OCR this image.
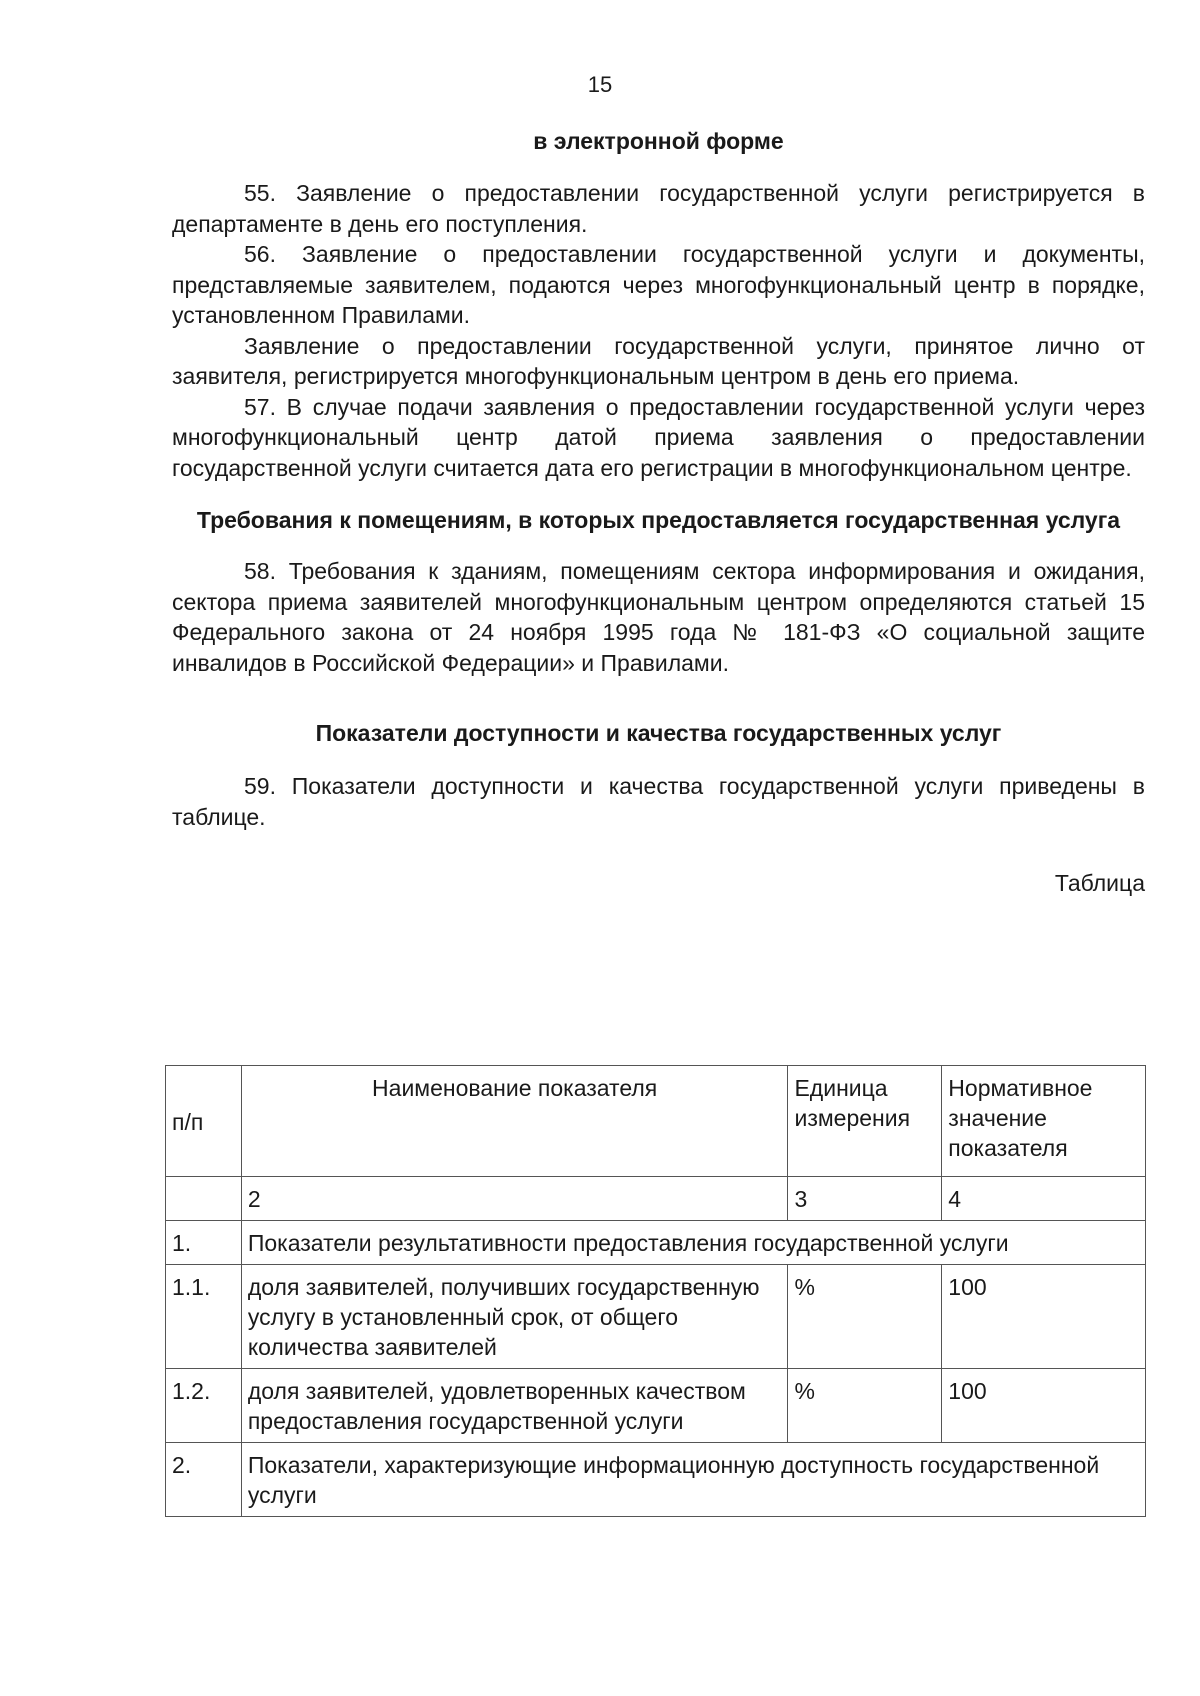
15
в электронной форме

55. Заявление о предоставлении государственной услуги регистрируется в департаменте в день его поступления.

56. Заявление о предоставлении государственной услуги и документы, представляемые заявителем, подаются через многофункциональный центр в порядке, установленном Правилами.

Заявление о предоставлении государственной услуги, принятое лично от заявителя, регистрируется многофункциональным центром в день его приема.

57. В случае подачи заявления о предоставлении государственной услуги через многофункциональный центр датой приема заявления о предоставлении государственной услуги считается дата его регистрации в многофункциональном центре.

Требования к помещениям, в которых предоставляется государственная услуга

58. Требования к зданиям, помещениям сектора информирования и ожидания, сектора приема заявителей многофункциональным центром определяются статьей 15 Федерального закона от 24 ноября 1995 года № 181-ФЗ «О социальной защите инвалидов в Российской Федерации» и Правилами.

Показатели доступности и качества государственных услуг

59. Показатели доступности и качества государственной услуги приведены в таблице.

Таблица
п/п	Наименование показателя	Единица измерения	Нормативное значение показателя
	2	3	4
1.	Показатели результативности предоставления государственной услуги		
1.1.	доля заявителей, получивших государственную услугу в установленный срок, от общего количества заявителей	%	100
1.2.	доля заявителей, удовлетворенных качеством предоставления государственной услуги	%	100
2.	Показатели, характеризующие информационную доступность государственной услуги		
